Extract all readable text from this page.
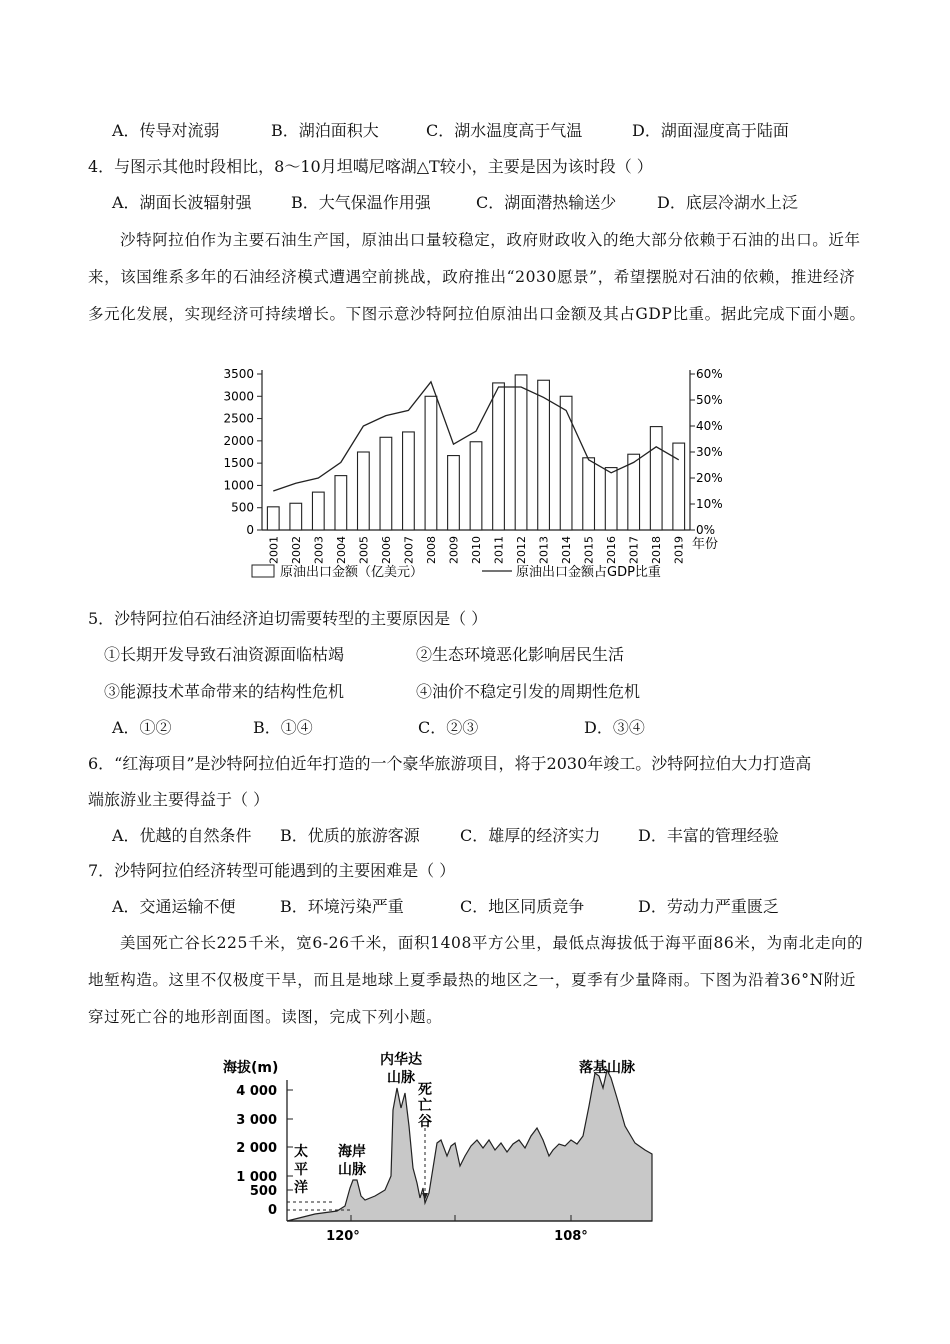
A．传导对流弱	B．湖泊面积大	C．湖水温度高于气温	D．湖面湿度高于陆面
4．与图示其他时段相比，8～10月坦噶尼喀湖△T较小，主要是因为该时段（ ）
A．湖面长波辐射强 B．大气保温作用强	C．湖面潜热输送少	D．底层冷湖水上泛
沙特阿拉伯作为主要石油生产国，原油出口量较稳定，政府财政收入的绝大部分依赖于石油的出口。近年来，该国维系多年的石油经济模式遭遇空前挑战，政府推出“2030愿景”，希望摆脱对石油的依赖，推进经济多元化发展，实现经济可持续增长。下图示意沙特阿拉伯原油出口金额及其占GDP比重。据此完成下面小题。
0
500
1000
1500
2000
2500
3000
3500
0%
10%
20%
30%
40%
50%
60%
2001 2002 2003 2004 2005 2006 2007 2008 2009 2010 2011 2012 2013 2014 2015 2016 2017 2018 2019 年份
原油出口金额（亿美元）	原油出口金额占GDP比重
5．沙特阿拉伯石油经济迫切需要转型的主要原因是（ ）
①长期开发导致石油资源面临枯竭	②生态环境恶化影响居民生活
③能源技术革命带来的结构性危机	④油价不稳定引发的周期性危机
A．①②	B．①④	C．②③	D．③④
6．“红海项目”是沙特阿拉伯近年打造的一个豪华旅游项目，将于2030年竣工。沙特阿拉伯大力打造高
端旅游业主要得益于（ ）
A．优越的自然条件 B．优质的旅游客源	C．雄厚的经济实力 D．丰富的管理经验
7．沙特阿拉伯经济转型可能遇到的主要困难是（ ）
A．交通运输不便	B．环境污染严重	C．地区同质竞争	D．劳动力严重匮乏
美国死亡谷长225千米，宽6-26千米，面积1408平方公里，最低点海拔低于海平面86米，为南北走向的地堑构造。这里不仅极度干旱，而且是地球上夏季最热的地区之一，夏季有少量降雨。下图为沿着36°N附近穿过死亡谷的地形剖面图。读图，完成下列小题。
海拔(m)
4 000
3 000
2 000
1 000
500
0
120°	108°
太
平
洋
海岸
山脉
内华达
山脉
死
亡
谷
落基山脉
